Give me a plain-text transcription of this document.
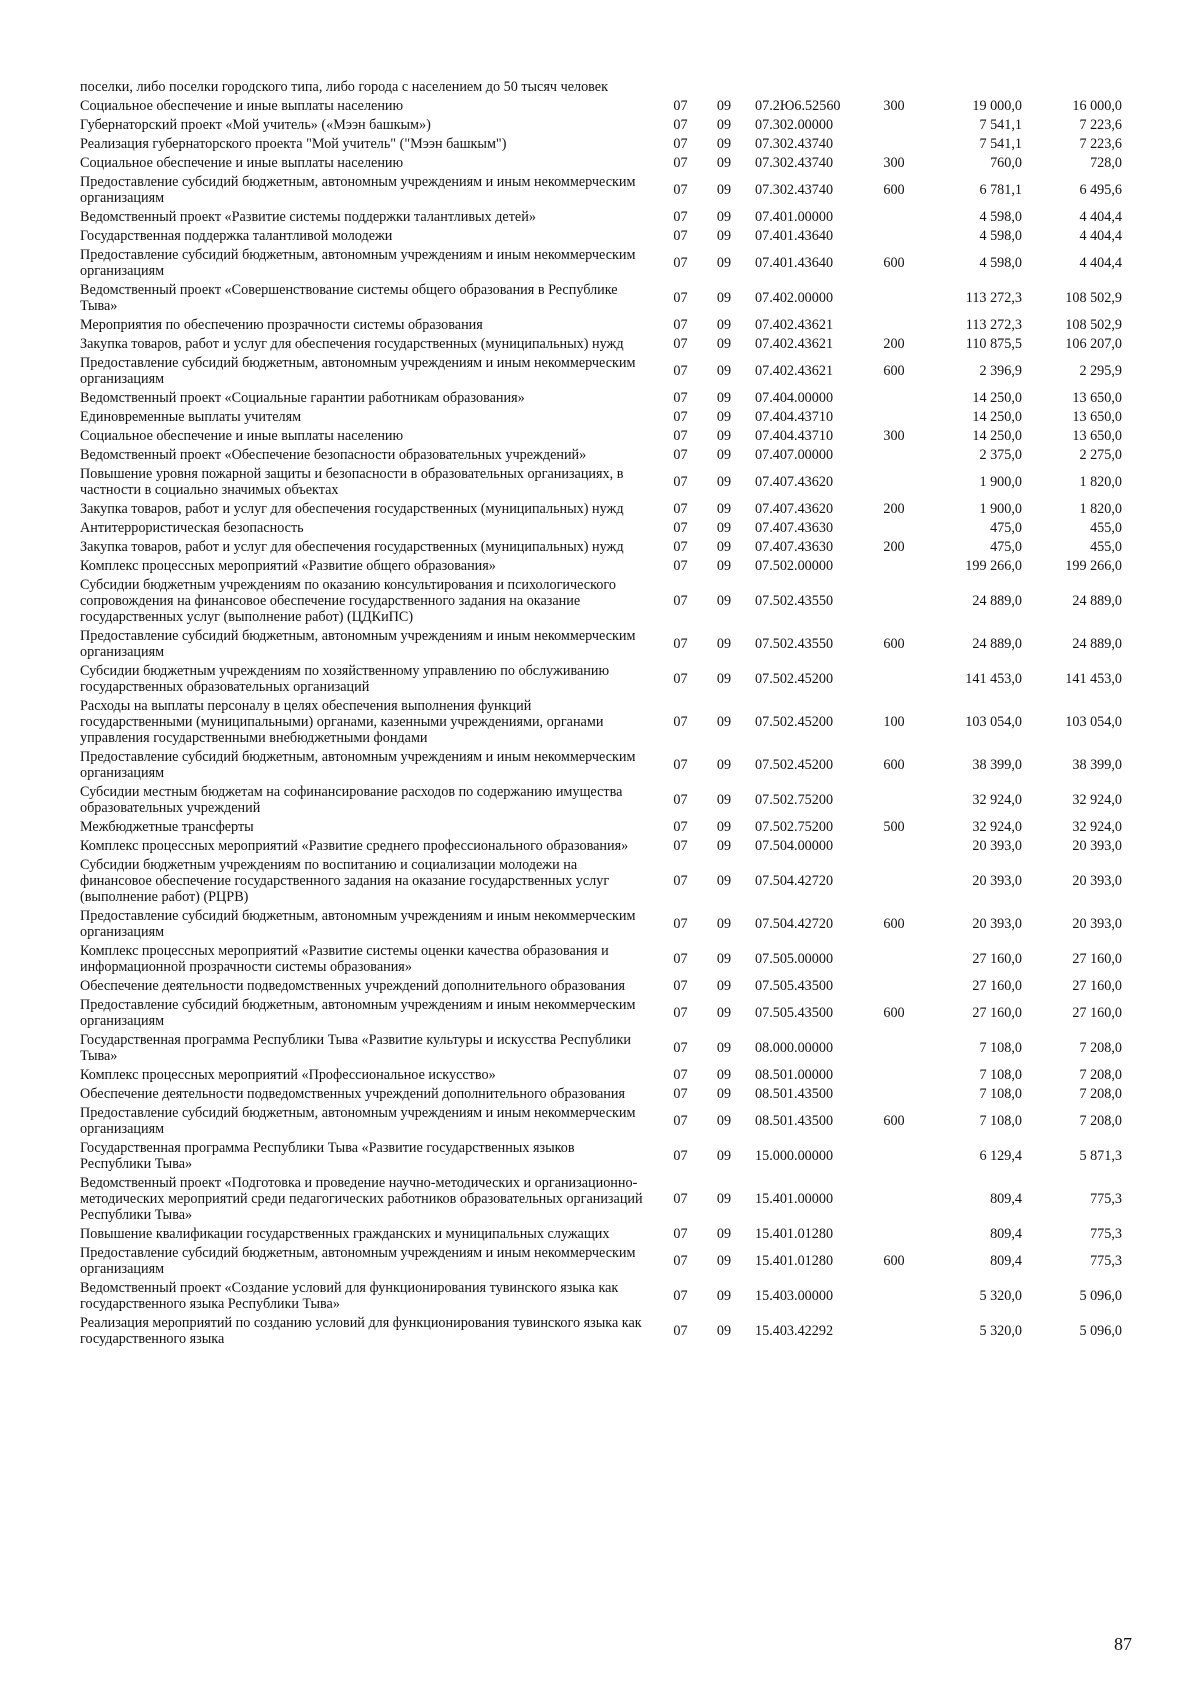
поселки, либо поселки городского типа, либо города с населением до 50 тысяч человек						
Социальное обеспечение и иные выплаты населению	07	09	07.2Ю6.52560	300	19 000,0	16 000,0
Губернаторский проект «Мой учитель» («Мээн башкым»)	07	09	07.302.00000		7 541,1	7 223,6
Реализация губернаторского проекта "Мой учитель" ("Мээн башкым")	07	09	07.302.43740		7 541,1	7 223,6
Социальное обеспечение и иные выплаты населению	07	09	07.302.43740	300	760,0	728,0
Предоставление субсидий бюджетным, автономным учреждениям и иным некоммерческим организациям	07	09	07.302.43740	600	6 781,1	6 495,6
Ведомственный проект «Развитие системы поддержки талантливых детей»	07	09	07.401.00000		4 598,0	4 404,4
Государственная поддержка талантливой молодежи	07	09	07.401.43640		4 598,0	4 404,4
Предоставление субсидий бюджетным, автономным учреждениям и иным некоммерческим организациям	07	09	07.401.43640	600	4 598,0	4 404,4
Ведомственный проект «Совершенствование системы общего образования в Республике Тыва»	07	09	07.402.00000		113 272,3	108 502,9
Мероприятия по обеспечению прозрачности системы образования	07	09	07.402.43621		113 272,3	108 502,9
Закупка товаров, работ и услуг для обеспечения государственных (муниципальных) нужд	07	09	07.402.43621	200	110 875,5	106 207,0
Предоставление субсидий бюджетным, автономным учреждениям и иным некоммерческим организациям	07	09	07.402.43621	600	2 396,9	2 295,9
Ведомственный проект «Социальные гарантии работникам образования»	07	09	07.404.00000		14 250,0	13 650,0
Единовременные выплаты учителям	07	09	07.404.43710		14 250,0	13 650,0
Социальное обеспечение и иные выплаты населению	07	09	07.404.43710	300	14 250,0	13 650,0
Ведомственный проект «Обеспечение безопасности образовательных учреждений»	07	09	07.407.00000		2 375,0	2 275,0
Повышение уровня пожарной защиты и безопасности в образовательных организациях, в частности в социально значимых объектах	07	09	07.407.43620		1 900,0	1 820,0
Закупка товаров, работ и услуг для обеспечения государственных (муниципальных) нужд	07	09	07.407.43620	200	1 900,0	1 820,0
Антитеррористическая безопасность	07	09	07.407.43630		475,0	455,0
Закупка товаров, работ и услуг для обеспечения государственных (муниципальных) нужд	07	09	07.407.43630	200	475,0	455,0
Комплекс процессных мероприятий «Развитие общего образования»	07	09	07.502.00000		199 266,0	199 266,0
Субсидии бюджетным учреждениям по оказанию консультирования и психологического сопровождения на финансовое обеспечение государственного задания на оказание государственных услуг (выполнение работ) (ЦДКиПС)	07	09	07.502.43550		24 889,0	24 889,0
Предоставление субсидий бюджетным, автономным учреждениям и иным некоммерческим организациям	07	09	07.502.43550	600	24 889,0	24 889,0
Субсидии бюджетным учреждениям по хозяйственному управлению по обслуживанию государственных образовательных организаций	07	09	07.502.45200		141 453,0	141 453,0
Расходы на выплаты персоналу в целях обеспечения выполнения функций государственными (муниципальными) органами, казенными учреждениями, органами управления государственными внебюджетными фондами	07	09	07.502.45200	100	103 054,0	103 054,0
Предоставление субсидий бюджетным, автономным учреждениям и иным некоммерческим организациям	07	09	07.502.45200	600	38 399,0	38 399,0
Субсидии местным бюджетам на софинансирование расходов по содержанию имущества образовательных учреждений	07	09	07.502.75200		32 924,0	32 924,0
Межбюджетные трансферты	07	09	07.502.75200	500	32 924,0	32 924,0
Комплекс процессных мероприятий «Развитие среднего профессионального образования»	07	09	07.504.00000		20 393,0	20 393,0
Субсидии бюджетным учреждениям по воспитанию и социализации молодежи на финансовое обеспечение государственного задания на оказание государственных услуг (выполнение работ) (РЦРВ)	07	09	07.504.42720		20 393,0	20 393,0
Предоставление субсидий бюджетным, автономным учреждениям и иным некоммерческим организациям	07	09	07.504.42720	600	20 393,0	20 393,0
Комплекс процессных мероприятий «Развитие системы оценки качества образования и информационной прозрачности системы образования»	07	09	07.505.00000		27 160,0	27 160,0
Обеспечение деятельности подведомственных учреждений дополнительного образования	07	09	07.505.43500		27 160,0	27 160,0
Предоставление субсидий бюджетным, автономным учреждениям и иным некоммерческим организациям	07	09	07.505.43500	600	27 160,0	27 160,0
Государственная программа Республики Тыва «Развитие культуры и искусства Республики Тыва»	07	09	08.000.00000		7 108,0	7 208,0
Комплекс процессных мероприятий «Профессиональное искусство»	07	09	08.501.00000		7 108,0	7 208,0
Обеспечение деятельности подведомственных учреждений дополнительного образования	07	09	08.501.43500		7 108,0	7 208,0
Предоставление субсидий бюджетным, автономным учреждениям и иным некоммерческим организациям	07	09	08.501.43500	600	7 108,0	7 208,0
Государственная программа Республики Тыва «Развитие государственных языков Республики Тыва»	07	09	15.000.00000		6 129,4	5 871,3
Ведомственный проект «Подготовка и проведение научно-методических и организационно-методических мероприятий среди педагогических работников образовательных организаций Республики Тыва»	07	09	15.401.00000		809,4	775,3
Повышение квалификации государственных гражданских и муниципальных служащих	07	09	15.401.01280		809,4	775,3
Предоставление субсидий бюджетным, автономным учреждениям и иным некоммерческим организациям	07	09	15.401.01280	600	809,4	775,3
Ведомственный проект «Создание условий для функционирования тувинского языка как государственного языка Республики Тыва»	07	09	15.403.00000		5 320,0	5 096,0
Реализация мероприятий по созданию условий для функционирования тувинского языка как государственного языка	07	09	15.403.42292		5 320,0	5 096,0
87
